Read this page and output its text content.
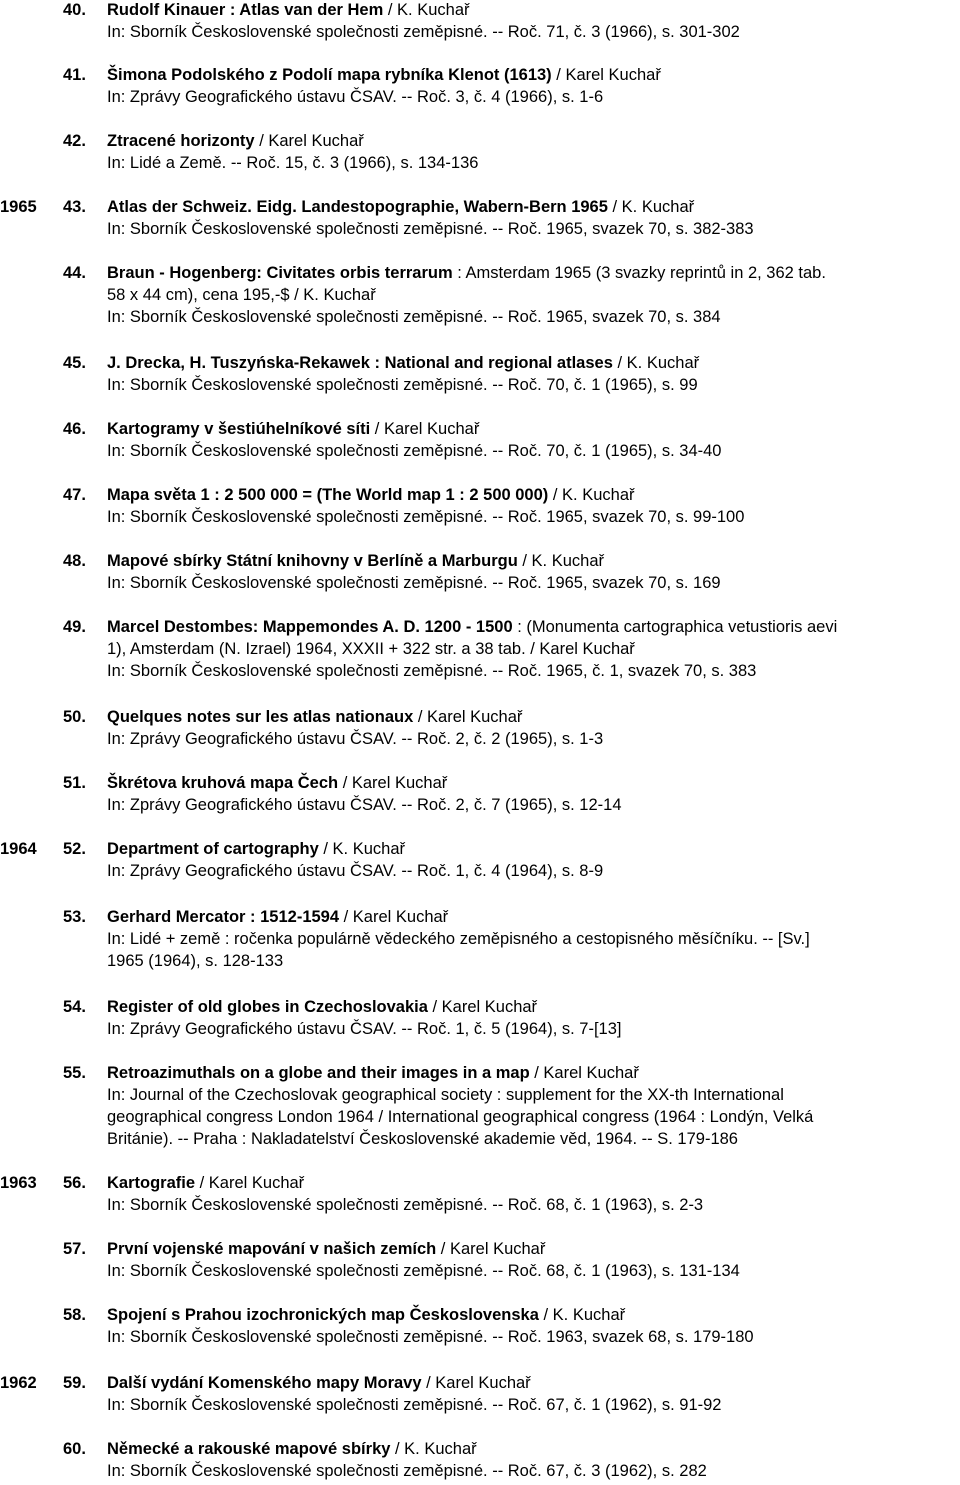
40. Rudolf Kinauer : Atlas van der Hem / K. Kuchař
In: Sborník Československé společnosti zeměpisné. -- Roč. 71, č. 3 (1966), s. 301-302
41. Šimona Podolského z Podolí mapa rybníka Klenot (1613) / Karel Kuchař
In: Zprávy Geografického ústavu ČSAV. -- Roč. 3, č. 4 (1966), s. 1-6
42. Ztracené horizonty / Karel Kuchař
In: Lidé a Země. -- Roč. 15, č. 3 (1966), s. 134-136
1965 43. Atlas der Schweiz. Eidg. Landestopographie, Wabern-Bern 1965 / K. Kuchař
In: Sborník Československé společnosti zeměpisné. -- Roč. 1965, svazek 70, s. 382-383
44. Braun - Hogenberg: Civitates orbis terrarum : Amsterdam 1965 (3 svazky reprintů in 2, 362 tab.
58 x 44 cm), cena 195,-$ / K. Kuchař
In: Sborník Československé společnosti zeměpisné. -- Roč. 1965, svazek 70, s. 384
45. J. Drecka, H. Tuszyńska-Rekawek : National and regional atlases / K. Kuchař
In: Sborník Československé společnosti zeměpisné. -- Roč. 70, č. 1 (1965), s. 99
46. Kartogramy v šestiúhelníkové síti / Karel Kuchař
In: Sborník Československé společnosti zeměpisné. -- Roč. 70, č. 1 (1965), s. 34-40
47. Mapa světa 1 : 2 500 000 = (The World map 1 : 2 500 000) / K. Kuchař
In: Sborník Československé společnosti zeměpisné. -- Roč. 1965, svazek 70, s. 99-100
48. Mapové sbírky Státní knihovny v Berlíně a Marburgu / K. Kuchař
In: Sborník Československé společnosti zeměpisné. -- Roč. 1965, svazek 70, s. 169
49. Marcel Destombes: Mappemondes A. D. 1200 - 1500 : (Monumenta cartographica vetustioris aevi
1), Amsterdam (N. Izrael) 1964, XXXII + 322 str. a 38 tab. / Karel Kuchař
In: Sborník Československé společnosti zeměpisné. -- Roč. 1965, č. 1, svazek 70, s. 383
50. Quelques notes sur les atlas nationaux / Karel Kuchař
In: Zprávy Geografického ústavu ČSAV. -- Roč. 2, č. 2 (1965), s. 1-3
51. Škrétova kruhová mapa Čech / Karel Kuchař
In: Zprávy Geografického ústavu ČSAV. -- Roč. 2, č. 7 (1965), s. 12-14
1964 52. Department of cartography / K. Kuchař
In: Zprávy Geografického ústavu ČSAV. -- Roč. 1, č. 4 (1964), s. 8-9
53. Gerhard Mercator : 1512-1594 / Karel Kuchař
In: Lidé + země : ročenka populárně vědeckého zeměpisného a cestopisného měsíčníku. -- [Sv.]
1965 (1964), s. 128-133
54. Register of old globes in Czechoslovakia / Karel Kuchař
In: Zprávy Geografického ústavu ČSAV. -- Roč. 1, č. 5 (1964), s. 7-[13]
55. Retroazimuthals on a globe and their images in a map / Karel Kuchař
In: Journal of the Czechoslovak geographical society : supplement for the XX-th International
geographical congress London 1964 / International geographical congress (1964 : Londýn, Velká
Británie). -- Praha : Nakladatelství Československé akademie věd, 1964. -- S. 179-186
1963 56. Kartografie / Karel Kuchař
In: Sborník Československé společnosti zeměpisné. -- Roč. 68, č. 1 (1963), s. 2-3
57. První vojenské mapování v našich zemích / Karel Kuchař
In: Sborník Československé společnosti zeměpisné. -- Roč. 68, č. 1 (1963), s. 131-134
58. Spojení s Prahou izochronických map Československa / K. Kuchař
In: Sborník Československé společnosti zeměpisné. -- Roč. 1963, svazek 68, s. 179-180
1962 59. Další vydání Komenského mapy Moravy / Karel Kuchař
In: Sborník Československé společnosti zeměpisné. -- Roč. 67, č. 1 (1962), s. 91-92
60. Německé a rakouské mapové sbírky / K. Kuchař
In: Sborník Československé společnosti zeměpisné. -- Roč. 67, č. 3 (1962), s. 282
